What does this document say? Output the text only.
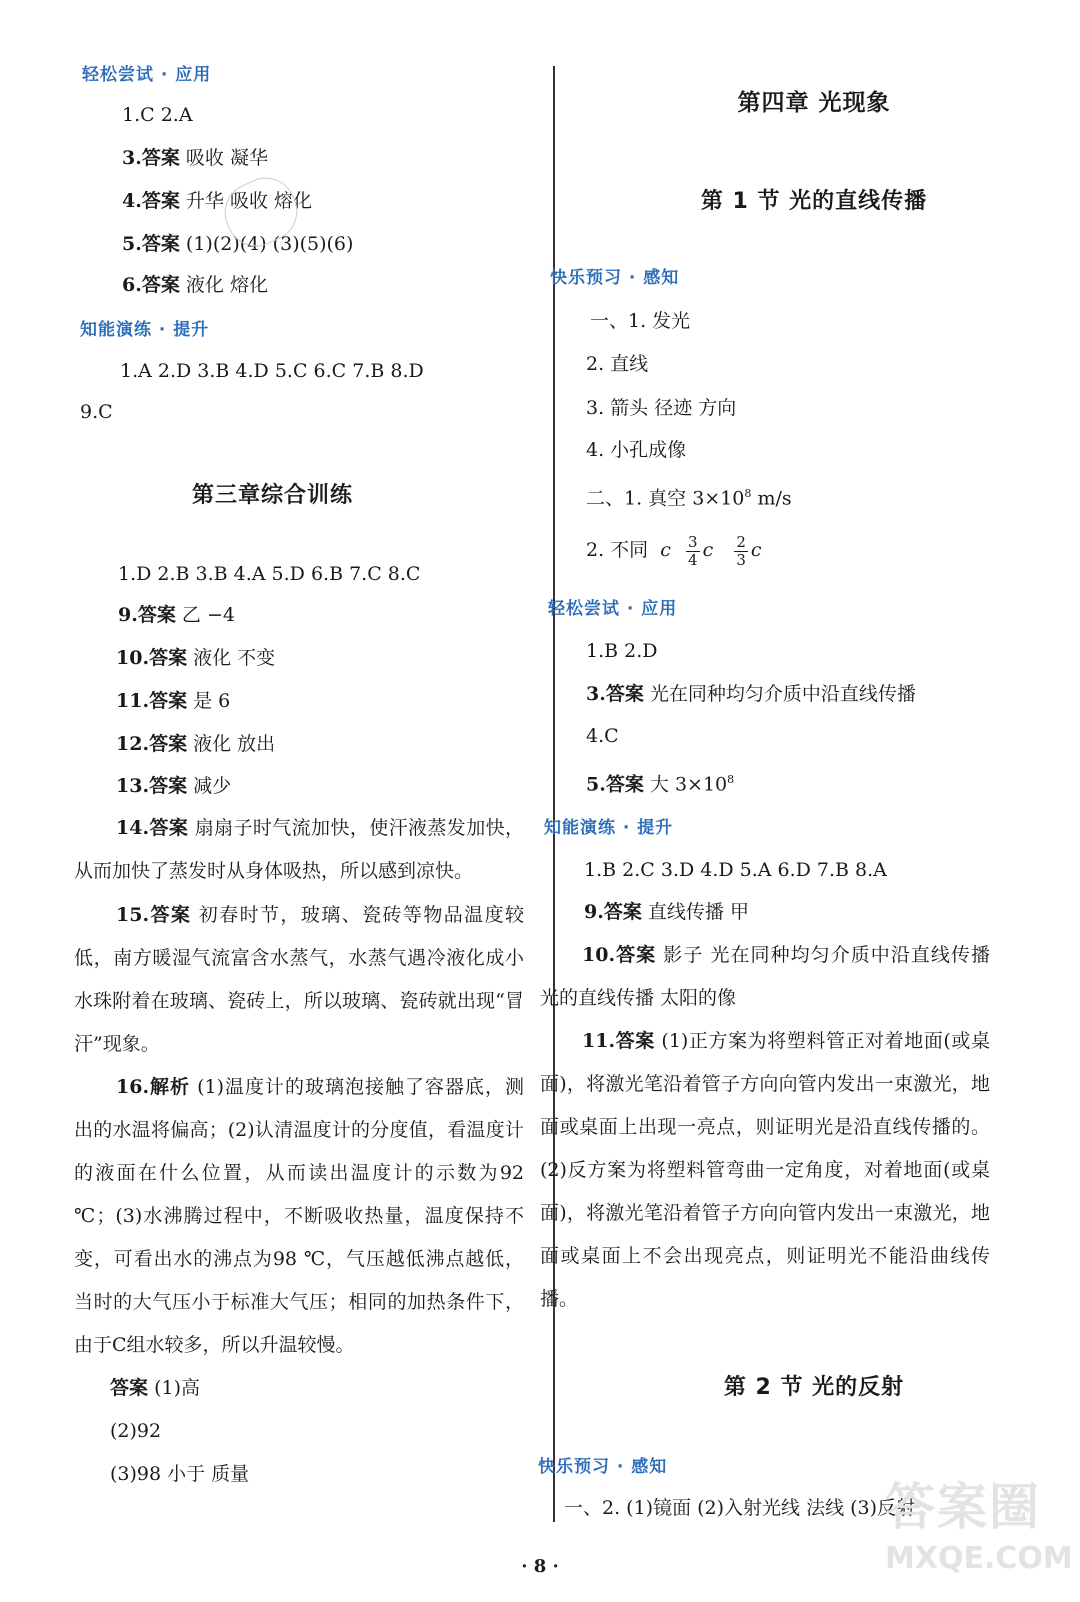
轻松尝试 · 应用
1.C 2.A
3.答案 吸收 凝华
4.答案 升华 吸收 熔化
5.答案 (1)(2)(4) (3)(5)(6)
6.答案 液化 熔化
知能演练 · 提升
1.A 2.D 3.B 4.D 5.C 6.C 7.B 8.D
9.C
第三章综合训练
1.D 2.B 3.B 4.A 5.D 6.B 7.C 8.C
9.答案 乙 −4
10.答案 液化 不变
11.答案 是 6
12.答案 液化 放出
13.答案 减少
14.答案 扇扇子时气流加快，使汗液蒸发加快，从而加快了蒸发时从身体吸热，所以感到凉快。
15.答案 初春时节，玻璃、瓷砖等物品温度较低，南方暖湿气流富含水蒸气，水蒸气遇冷液化成小水珠附着在玻璃、瓷砖上，所以玻璃、瓷砖就出现“冒汗”现象。
16.解析 (1)温度计的玻璃泡接触了容器底，测出的水温将偏高；(2)认清温度计的分度值，看温度计的液面在什么位置，从而读出温度计的示数为92 ℃；(3)水沸腾过程中，不断吸收热量，温度保持不变，可看出水的沸点为98 ℃，气压越低沸点越低，当时的大气压小于标准大气压；相同的加热条件下，由于C组水较多，所以升温较慢。
答案 (1)高
(2)92
(3)98 小于 质量
第四章 光现象
第 1 节 光的直线传播
快乐预习 · 感知
一、1. 发光
2. 直线
3. 箭头 径迹 方向
4. 小孔成像
二、1. 真空 $3\times 10^8$ m/s
2. 不同 c $\frac{3}{4}$ c $\frac{2}{3}$ c
轻松尝试 · 应用
1.B 2.D
3.答案 光在同种均匀介质中沿直线传播
4.C
5.答案 大 $3\times 10^8$
知能演练 · 提升
1.B 2.C 3.D 4.D 5.A 6.D 7.B 8.A
9.答案 直线传播 甲
10.答案 影子 光在同种均匀介质中沿直线传播 光的直线传播 太阳的像
11.答案 (1)正方案为将塑料管正对着地面(或桌面)，将激光笔沿着管子方向向管内发出一束激光，地面或桌面上出现一亮点，则证明光是沿直线传播的。(2)反方案为将塑料管弯曲一定角度，对着地面(或桌面)，将激光笔沿着管子方向向管内发出一束激光，地面或桌面上不会出现亮点，则证明光不能沿曲线传播。
第 2 节 光的反射
快乐预习 · 感知
一、2. (1)镜面 (2)入射光线 法线 (3)反射
答案圈
MXQE.COM
· 8 ·
